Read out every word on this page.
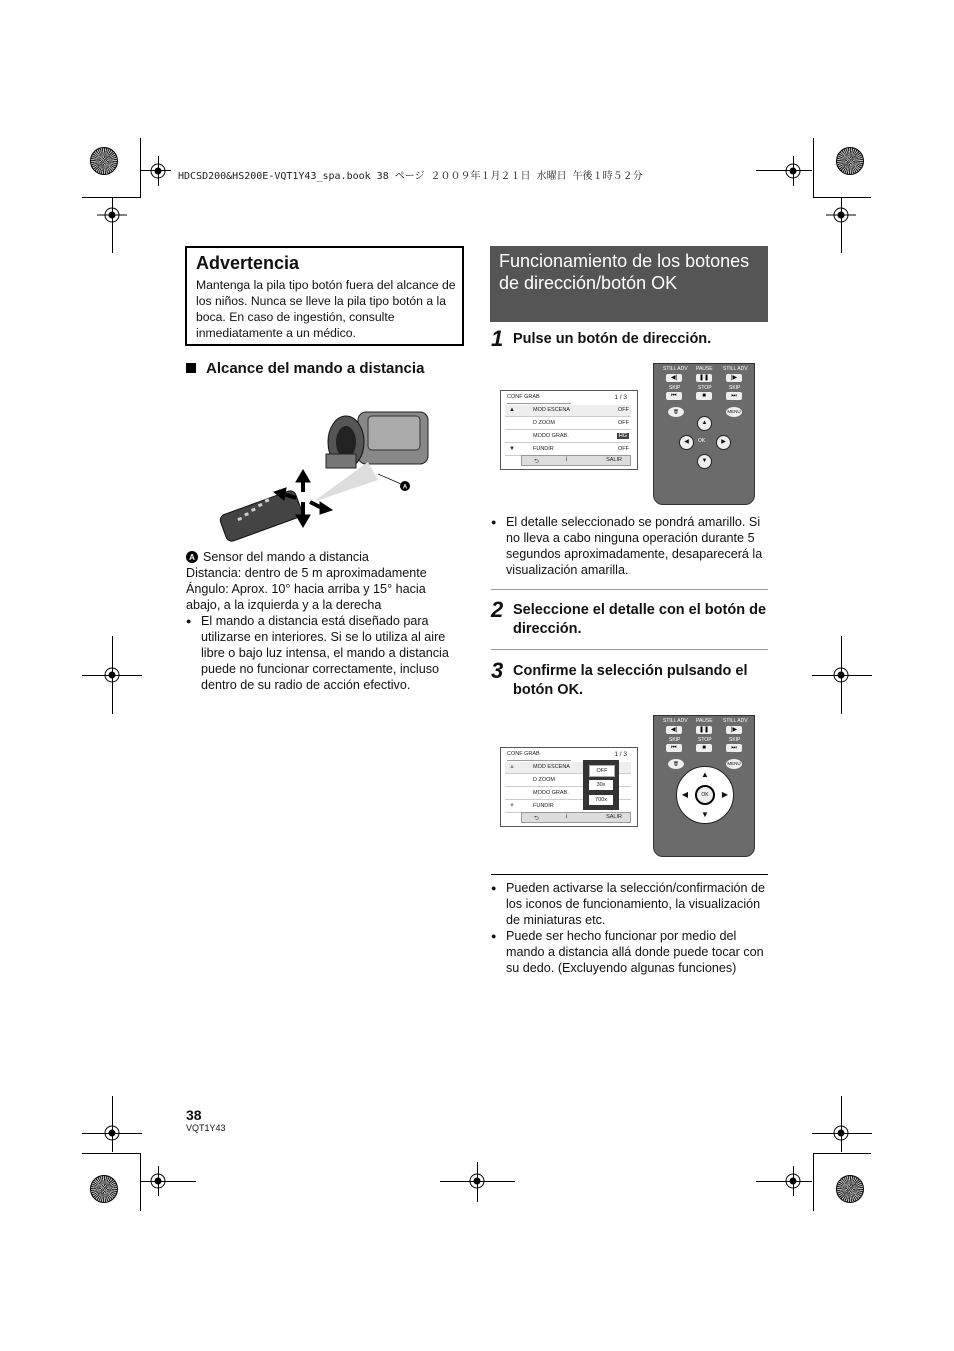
HDCSD200&HS200E-VQT1Y43_spa.book 38 ページ ２００９年１月２１日 水曜日 午後１時５２分
Advertencia
Mantenga la pila tipo botón fuera del alcance de los niños. Nunca se lleve la pila tipo botón a la boca. En caso de ingestión, consulte inmediatamente a un médico.
Alcance del mando a distancia
A
A Sensor del mando a distancia
Distancia: dentro de 5 m aproximadamente
Ángulo: Aprox. 10° hacia arriba y 15° hacia abajo, a la izquierda y a la derecha
● El mando a distancia está diseñado para utilizarse en interiores. Si se lo utiliza al aire libre o bajo luz intensa, el mando a distancia puede no funcionar correctamente, incluso dentro de su radio de acción efectivo.
Funcionamiento de los botones de dirección/botón OK
1 Pulse un botón de dirección.
CONF GRAB	1 / 3
MOD ESCENA	OFF
D ZOOM	OFF
MODO GRAB.	HG
FUNDIR	OFF
▲
▼
⮌	i	SALIR
STILL ADV PAUSE STILL ADV
◀|	❚❚	|▶
SKIP	STOP	SKIP
⏮	■	⏭
🗑	MENU
▲
◀	▶
▼
OK
● El detalle seleccionado se pondrá amarillo. Si no lleva a cabo ninguna operación durante 5 segundos aproximadamente, desaparecerá la visualización amarilla.
2 Seleccione el detalle con el botón de dirección.
3 Confirme la selección pulsando el botón OK.
CONF GRAB	1 / 3
MOD ESCENA
D ZOOM
MODO GRAB.
FUNDIR
▲
▼
OFF
30x
700x
⮌	i	SALIR
STILL ADV PAUSE STILL ADV
◀|	❚❚	|▶
SKIP	STOP	SKIP
⏮	■	⏭
🗑	MENU
▲
◀	▶
▼
OK
● Pueden activarse la selección/confirmación de los iconos de funcionamiento, la visualización de miniaturas etc.
● Puede ser hecho funcionar por medio del mando a distancia allá donde puede tocar con su dedo. (Excluyendo algunas funciones)
38
VQT1Y43
